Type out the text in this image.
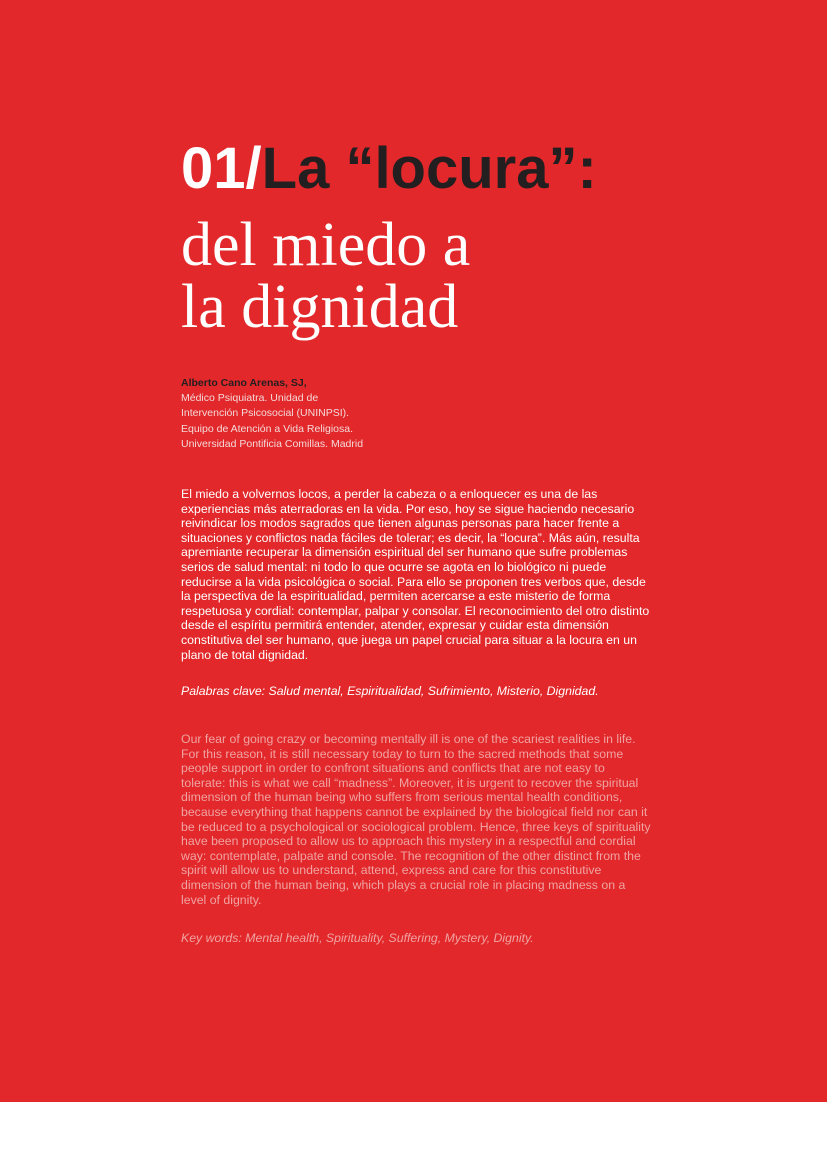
01/La “locura”:
del miedo a
la dignidad
Alberto Cano Arenas, SJ,
Médico Psiquiatra. Unidad de
Intervención Psicosocial (UNINPSI).
Equipo de Atención a Vida Religiosa.
Universidad Pontificia Comillas. Madrid

El miedo a volvernos locos, a perder la cabeza o a enloquecer es una de las experiencias más aterradoras en la vida. Por eso, hoy se sigue haciendo necesario reivindicar los modos sagrados que tienen algunas personas para hacer frente a situaciones y conflictos nada fáciles de tolerar; es decir, la “locura”. Más aún, resulta apremiante recuperar la dimensión espiritual del ser humano que sufre problemas serios de salud mental: ni todo lo que ocurre se agota en lo biológico ni puede reducirse a la vida psicológica o social. Para ello se proponen tres verbos que, desde la perspectiva de la espiritualidad, permiten acercarse a este misterio de forma respetuosa y cordial: contemplar, palpar y consolar. El reconocimiento del otro distinto desde el espíritu permitirá entender, atender, expresar y cuidar esta dimensión constitutiva del ser humano, que juega un papel crucial para situar a la locura en un plano de total dignidad.

Palabras clave: Salud mental, Espiritualidad, Sufrimiento, Misterio, Dignidad.

Our fear of going crazy or becoming mentally ill is one of the scariest realities in life. For this reason, it is still necessary today to turn to the sacred methods that some people support in order to confront situations and conflicts that are not easy to tolerate: this is what we call “madness”. Moreover, it is urgent to recover the spiritual dimension of the human being who suffers from serious mental health conditions, because everything that happens cannot be explained by the biological field nor can it be reduced to a psychological or sociological problem. Hence, three keys of spirituality have been proposed to allow us to approach this mystery in a respectful and cordial way: contemplate, palpate and console. The recognition of the other distinct from the spirit will allow us to understand, attend, express and care for this constitutive dimension of the human being, which plays a crucial role in placing madness on a level of dignity.

Key words: Mental health, Spirituality, Suffering, Mystery, Dignity.
